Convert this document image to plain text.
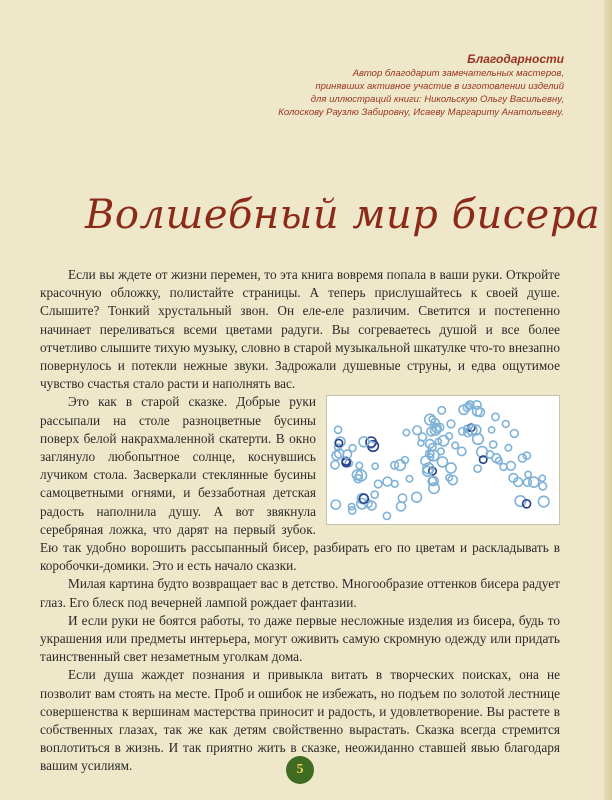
Благодарности
Автор благодарит замечательных мастеров,
принявших активное участие в изготовлении изделий
для иллюстраций книги: Никольскую Ольгу Васильевну,
Колоскову Раузлю Забировну, Исаеву Маргариту Анатольевну.
Волшебный мир бисера

Если вы ждете от жизни перемен, то эта книга вовремя попала в ваши руки. Откройте красочную обложку, полистайте страницы. А теперь прислушайтесь к своей душе. Слышите? Тонкий хрустальный звон. Он еле-еле различим. Светится и постепенно начинает переливаться всеми цветами радуги. Вы согреваетесь душой и все более отчетливо слышите тихую музыку, словно в старой музыкальной шкатулке что-то внезапно повернулось и потекли нежные звуки. Задрожали душевные струны, и едва ощутимое чувство счастья стало расти и наполнять вас.

Это как в старой сказке. Добрые руки рассыпали на столе разноцветные бусины поверх белой накрахмаленной скатерти. В окно заглянуло любопытное солнце, коснувшись лучиком стола. Засверкали стеклянные бусины самоцветными огнями, и беззаботная детская радость наполнила душу. А вот звякнула серебряная ложка, что дарят на первый зубок. Ею так удобно ворошить рассыпанный бисер, разбирать его по цветам и раскладывать в коробочки-домики. Это и есть начало сказки.

Милая картина будто возвращает вас в детство. Многообразие оттенков бисера радует глаз. Его блеск под вечерней лампой рождает фантазии.

И если руки не боятся работы, то даже первые несложные изделия из бисера, будь то украшения или предметы интерьера, могут оживить самую скромную одежду или придать таинственный свет незаметным уголкам дома.

Если душа жаждет познания и привыкла витать в творческих поисках, она не позволит вам стоять на месте. Проб и ошибок не избежать, но подъем по золотой лестнице совершенства к вершинам мастерства приносит и радость, и удовлетворение. Вы растете в собственных глазах, так же как детям свойственно вырастать. Сказка всегда стремится воплотиться в жизнь. И так приятно жить в сказке, неожиданно ставшей явью благодаря вашим усилиям.	5
